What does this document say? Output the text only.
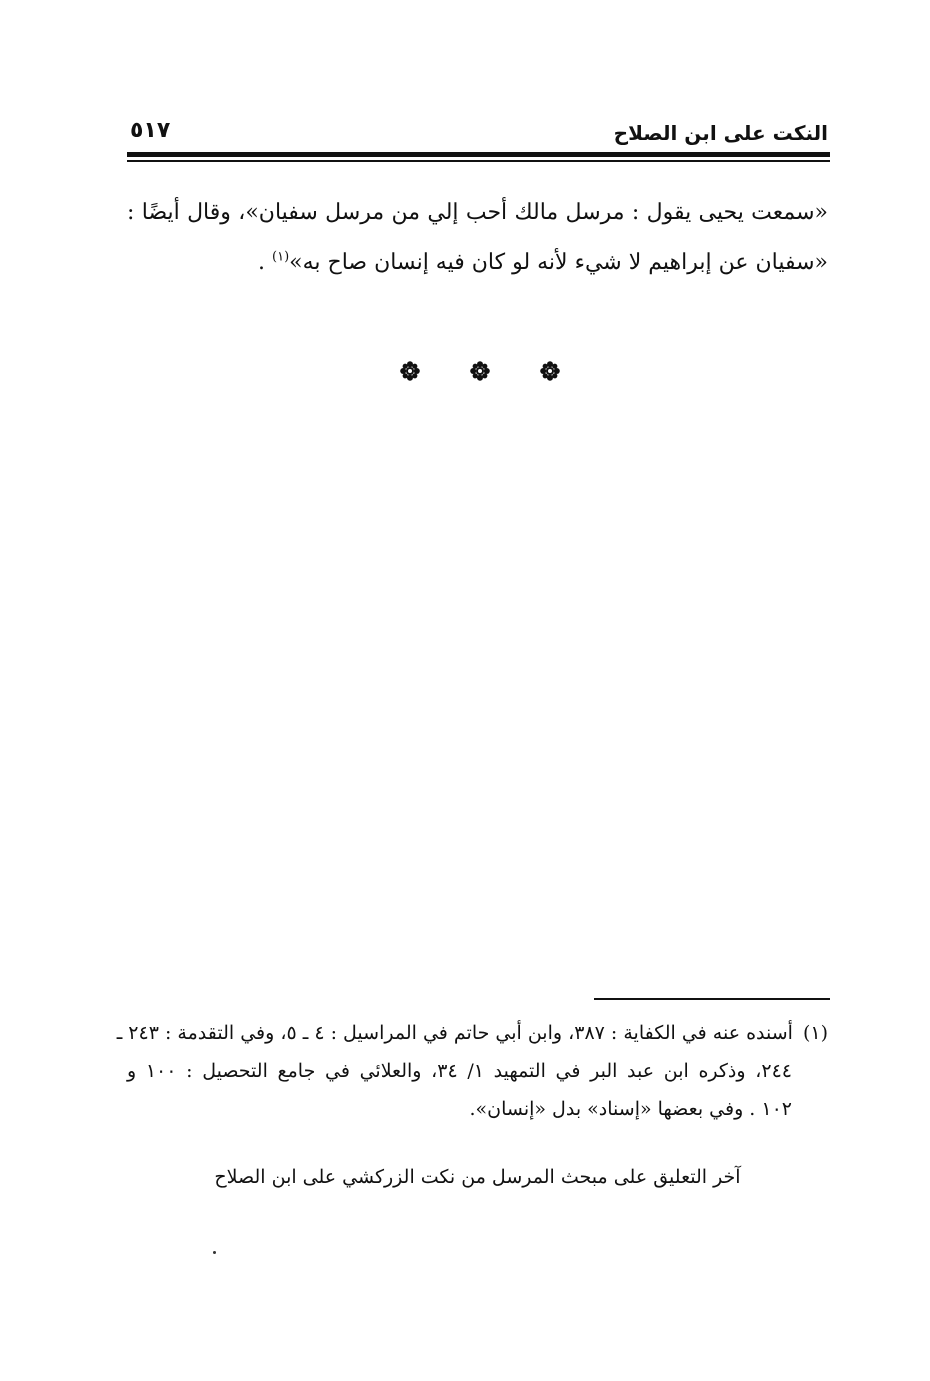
النكت على ابن الصلاح
٥١٧
«سمعت يحيى يقول : مرسل مالك أحب إلي من مرسل سفيان»، وقال أيضًا :
«سفيان عن إبراهيم لا شيء لأنه لو كان فيه إنسان صاح به»$^{(١)}$ .
(١)أسنده عنه في الكفاية : ٣٨٧، وابن أبي حاتم في المراسيل : ٤ ـ ٥، وفي التقدمة : ٢٤٣ ـ
٢٤٤، وذكره ابن عبد البر في التمهيد ١/ ٣٤، والعلائي في جامع التحصيل : ١٠٠ و
١٠٢ . وفي بعضها «إسناد» بدل «إنسان».
آخر التعليق على مبحث المرسل من نكت الزركشي على ابن الصلاح
